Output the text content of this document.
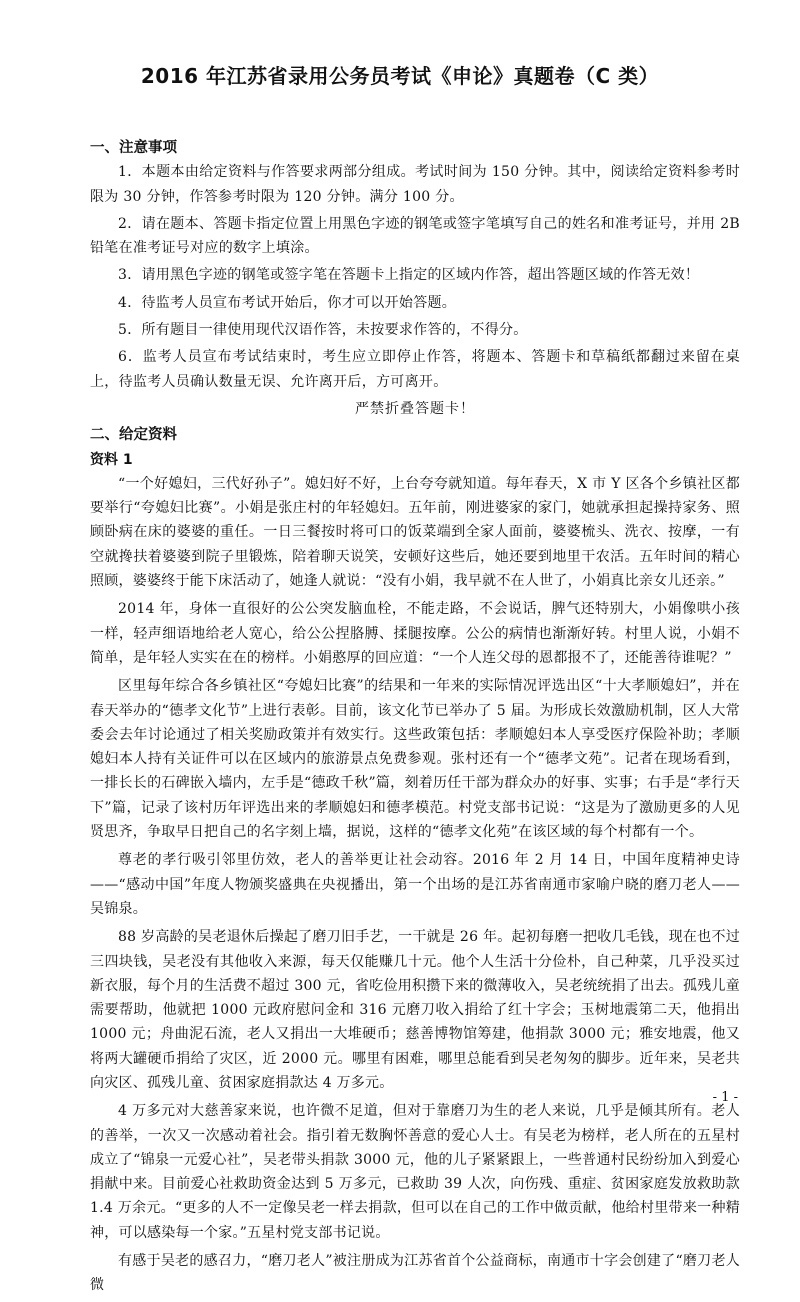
2016 年江苏省录用公务员考试《申论》真题卷（C 类）

一、注意事项

1．本题本由给定资料与作答要求两部分组成。考试时间为 150 分钟。其中，阅读给定资料参考时限为 30 分钟，作答参考时限为 120 分钟。满分 100 分。

2．请在题本、答题卡指定位置上用黑色字迹的钢笔或签字笔填写自己的姓名和准考证号，并用 2B 铅笔在准考证号对应的数字上填涂。

3．请用黑色字迹的钢笔或签字笔在答题卡上指定的区域内作答，超出答题区域的作答无效！

4．待监考人员宣布考试开始后，你才可以开始答题。

5．所有题目一律使用现代汉语作答，未按要求作答的，不得分。

6．监考人员宣布考试结束时，考生应立即停止作答，将题本、答题卡和草稿纸都翻过来留在桌上，待监考人员确认数量无误、允许离开后，方可离开。

严禁折叠答题卡！

二、给定资料

资料 1

“一个好媳妇，三代好孙子”。媳妇好不好，上台夸夸就知道。每年春天，X 市 Y 区各个乡镇社区都要举行“夸媳妇比赛”。小娟是张庄村的年轻媳妇。五年前，刚进婆家的家门，她就承担起操持家务、照顾卧病在床的婆婆的重任。一日三餐按时将可口的饭菜端到全家人面前，婆婆梳头、洗衣、按摩，一有空就搀扶着婆婆到院子里锻炼，陪着聊天说笑，安顿好这些后，她还要到地里干农活。五年时间的精心照顾，婆婆终于能下床活动了，她逢人就说：“没有小娟，我早就不在人世了，小娟真比亲女儿还亲。”

2014 年，身体一直很好的公公突发脑血栓，不能走路，不会说话，脾气还特别大，小娟像哄小孩一样，轻声细语地给老人宽心，给公公捏胳膊、揉腿按摩。公公的病情也渐渐好转。村里人说，小娟不简单，是年轻人实实在在的榜样。小娟憨厚的回应道：“一个人连父母的恩都报不了，还能善待谁呢？”

区里每年综合各乡镇社区“夸媳妇比赛”的结果和一年来的实际情况评选出区“十大孝顺媳妇”，并在春天举办的“德孝文化节”上进行表彰。目前，该文化节已举办了 5 届。为形成长效激励机制，区人大常委会去年讨论通过了相关奖励政策并有效实行。这些政策包括：孝顺媳妇本人享受医疗保险补助；孝顺媳妇本人持有关证件可以在区域内的旅游景点免费参观。张村还有一个“德孝文苑”。记者在现场看到，一排长长的石碑嵌入墙内，左手是“德政千秋”篇，刻着历任干部为群众办的好事、实事；右手是“孝行天下”篇，记录了该村历年评选出来的孝顺媳妇和德孝模范。村党支部书记说：“这是为了激励更多的人见贤思齐，争取早日把自己的名字刻上墙，据说，这样的“德孝文化苑”在该区域的每个村都有一个。

尊老的孝行吸引邻里仿效，老人的善举更让社会动容。2016 年 2 月 14 日，中国年度精神史诗——“感动中国”年度人物颁奖盛典在央视播出，第一个出场的是江苏省南通市家喻户晓的磨刀老人——吴锦泉。

88 岁高龄的吴老退休后操起了磨刀旧手艺，一干就是 26 年。起初每磨一把收几毛钱，现在也不过三四块钱，吴老没有其他收入来源，每天仅能赚几十元。他个人生活十分俭朴，自己种菜，几乎没买过新衣服，每个月的生活费不超过 300 元，省吃俭用积攒下来的微薄收入，吴老统统捐了出去。孤残儿童需要帮助，他就把 1000 元政府慰问金和 316 元磨刀收入捐给了红十字会；玉树地震第二天，他捐出 1000 元；舟曲泥石流，老人又捐出一大堆硬币；慈善博物馆筹建，他捐款 3000 元；雅安地震，他又将两大罐硬币捐给了灾区，近 2000 元。哪里有困难，哪里总能看到吴老匆匆的脚步。近年来，吴老共向灾区、孤残儿童、贫困家庭捐款达 4 万多元。

4 万多元对大慈善家来说，也许微不足道，但对于靠磨刀为生的老人来说，几乎是倾其所有。老人的善举，一次又一次感动着社会。指引着无数胸怀善意的爱心人士。有吴老为榜样，老人所在的五星村成立了“锦泉一元爱心社”，吴老带头捐款 3000 元，他的儿子紧紧跟上，一些普通村民纷纷加入到爱心捐献中来。目前爱心社救助资金达到 5 万多元，已救助 39 人次，向伤残、重症、贫困家庭发放救助款 1.4 万余元。“更多的人不一定像吴老一样去捐款，但可以在自己的工作中做贡献，他给村里带来一种精神，可以感染每一个家。”五星村党支部书记说。

有感于吴老的感召力，“磨刀老人”被注册成为江苏省首个公益商标，南通市十字会创建了“磨刀老人微

- 1 -
